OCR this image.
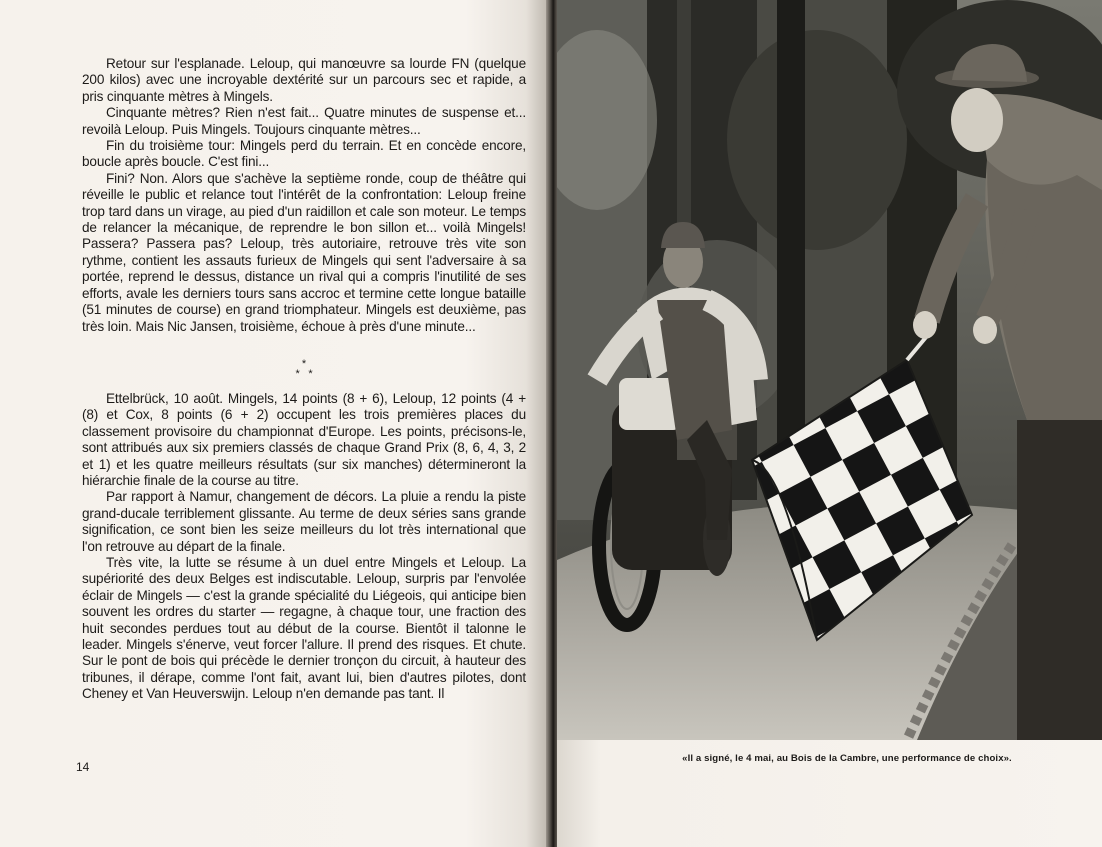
Retour sur l'esplanade. Leloup, qui manœuvre sa lourde FN (quelque 200 kilos) avec une incroyable dextérité sur un parcours sec et rapide, a pris cinquante mètres à Mingels.

Cinquante mètres? Rien n'est fait... Quatre minutes de suspense et... revoilà Leloup. Puis Mingels. Toujours cinquante mètres...

Fin du troisième tour: Mingels perd du terrain. Et en concède encore, boucle après boucle. C'est fini...

Fini? Non. Alors que s'achève la septième ronde, coup de théâtre qui réveille le public et relance tout l'intérêt de la confrontation: Leloup freine trop tard dans un virage, au pied d'un raidillon et cale son moteur. Le temps de relancer la mécanique, de reprendre le bon sillon et... voilà Mingels! Passera? Passera pas? Leloup, très autoriaire, retrouve très vite son rythme, contient les assauts furieux de Mingels qui sent l'adversaire à sa portée, reprend le dessus, distance un rival qui a compris l'inutilité de ses efforts, avale les derniers tours sans accroc et termine cette longue bataille (51 minutes de course) en grand triomphateur. Mingels est deuxième, pas très loin. Mais Nic Jansen, troisième, échoue à près d'une minute...

*
*   *

Ettelbrück, 10 août. Mingels, 14 points (8 + 6), Leloup, 12 points (4 + (8) et Cox, 8 points (6 + 2) occupent les trois premières places du classement provisoire du championnat d'Europe. Les points, précisons-le, sont attribués aux six premiers classés de chaque Grand Prix (8, 6, 4, 3, 2 et 1) et les quatre meilleurs résultats (sur six manches) détermineront la hiérarchie finale de la course au titre.

Par rapport à Namur, changement de décors. La pluie a rendu la piste grand-ducale terriblement glissante. Au terme de deux séries sans grande signification, ce sont bien les seize meilleurs du lot très international que l'on retrouve au départ de la finale.

Très vite, la lutte se résume à un duel entre Mingels et Leloup. La supériorité des deux Belges est indiscutable. Leloup, surpris par l'envolée éclair de Mingels — c'est la grande spécialité du Liégeois, qui anticipe bien souvent les ordres du starter — regagne, à chaque tour, une fraction des huit secondes perdues tout au début de la course. Bientôt il talonne le leader. Mingels s'énerve, veut forcer l'allure. Il prend des risques. Et chute. Sur le pont de bois qui précède le dernier tronçon du circuit, à hauteur des tribunes, il dérape, comme l'ont fait, avant lui, bien d'autres pilotes, dont Cheney et Van Heuverswijn. Leloup n'en demande pas tant. Il

14
«Il a signé, le 4 mai, au Bois de la Cambre, une performance de choix».
